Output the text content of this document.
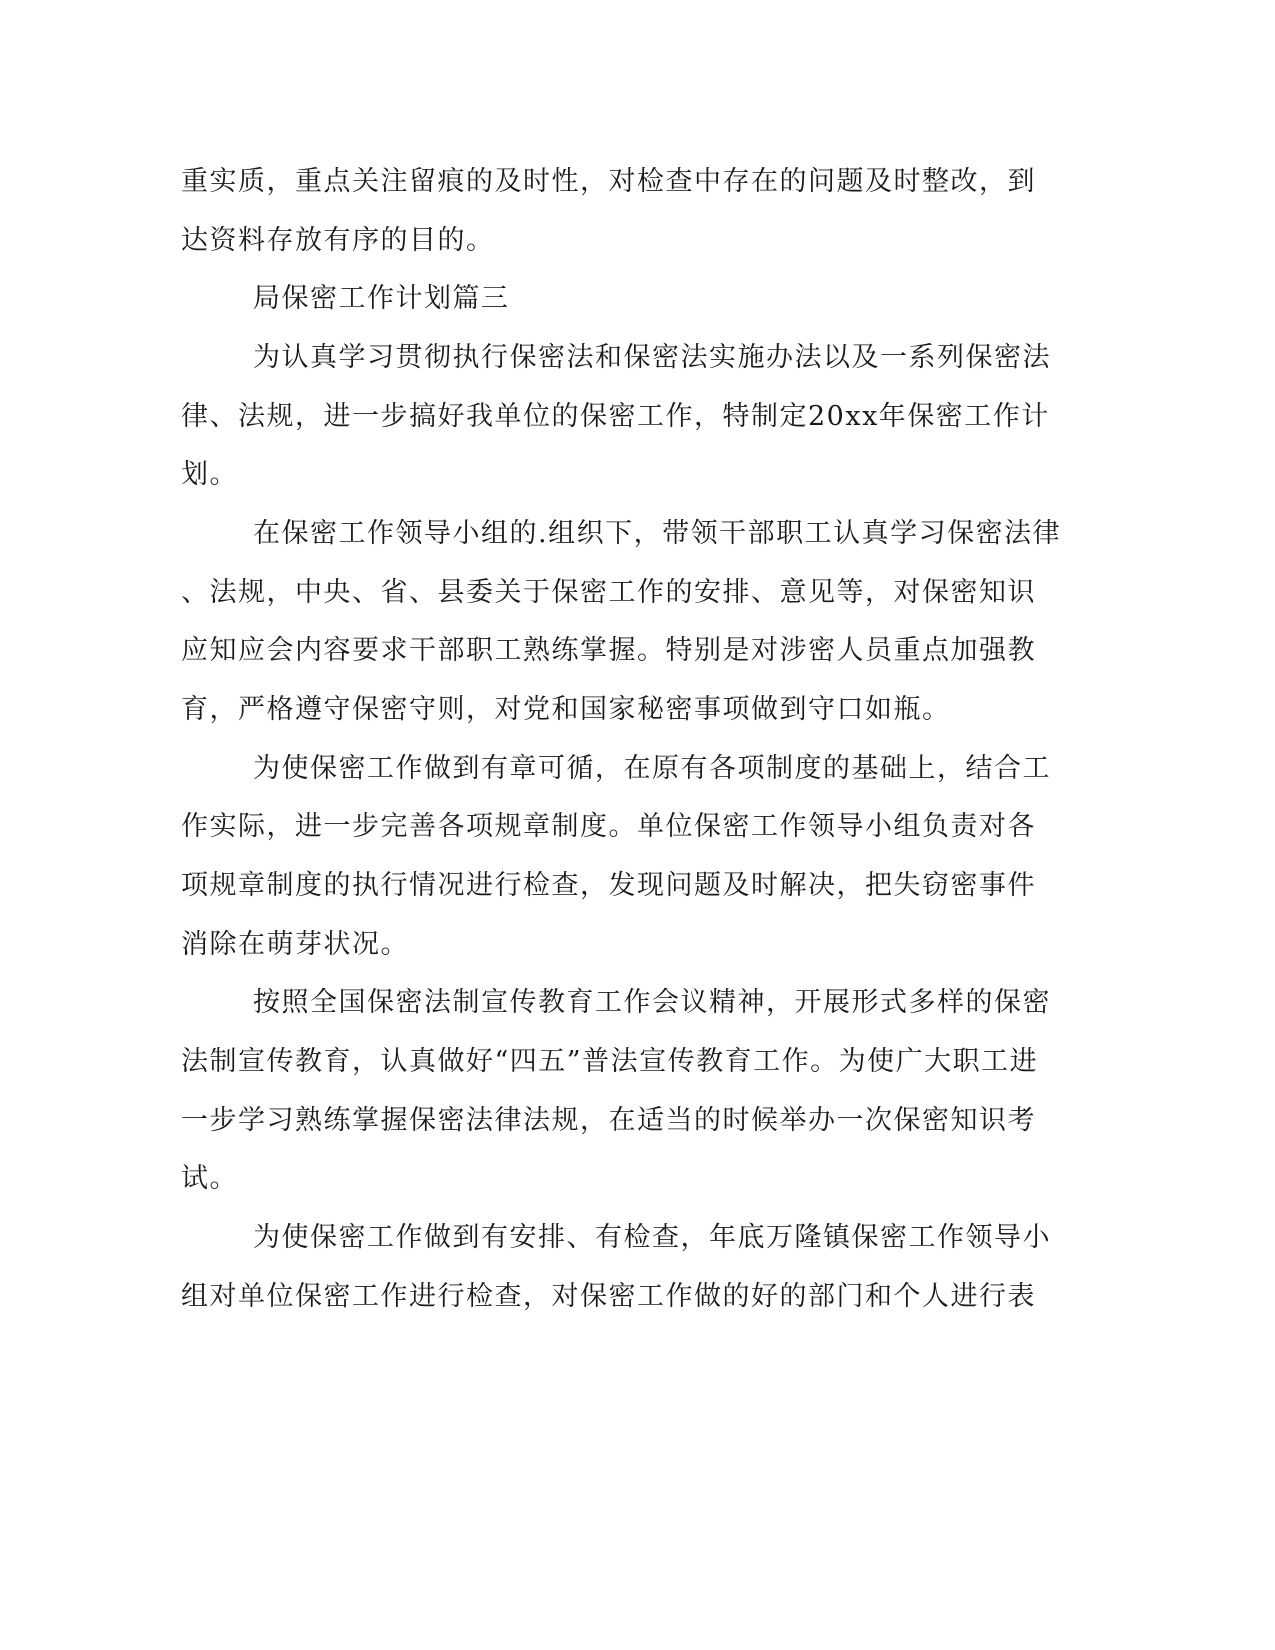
重实质，重点关注留痕的及时性，对检查中存在的问题及时整改，到
达资料存放有序的目的。
局保密工作计划篇三
为认真学习贯彻执行保密法和保密法实施办法以及一系列保密法
律、法规，进一步搞好我单位的保密工作，特制定20xx年保密工作计
划。
在保密工作领导小组的.组织下，带领干部职工认真学习保密法律
、法规，中央、省、县委关于保密工作的安排、意见等，对保密知识
应知应会内容要求干部职工熟练掌握。特别是对涉密人员重点加强教
育，严格遵守保密守则，对党和国家秘密事项做到守口如瓶。
为使保密工作做到有章可循，在原有各项制度的基础上，结合工
作实际，进一步完善各项规章制度。单位保密工作领导小组负责对各
项规章制度的执行情况进行检查，发现问题及时解决，把失窃密事件
消除在萌芽状况。
按照全国保密法制宣传教育工作会议精神，开展形式多样的保密
法制宣传教育，认真做好“四五”普法宣传教育工作。为使广大职工进
一步学习熟练掌握保密法律法规，在适当的时候举办一次保密知识考
试。
为使保密工作做到有安排、有检查，年底万隆镇保密工作领导小
组对单位保密工作进行检查，对保密工作做的好的部门和个人进行表
